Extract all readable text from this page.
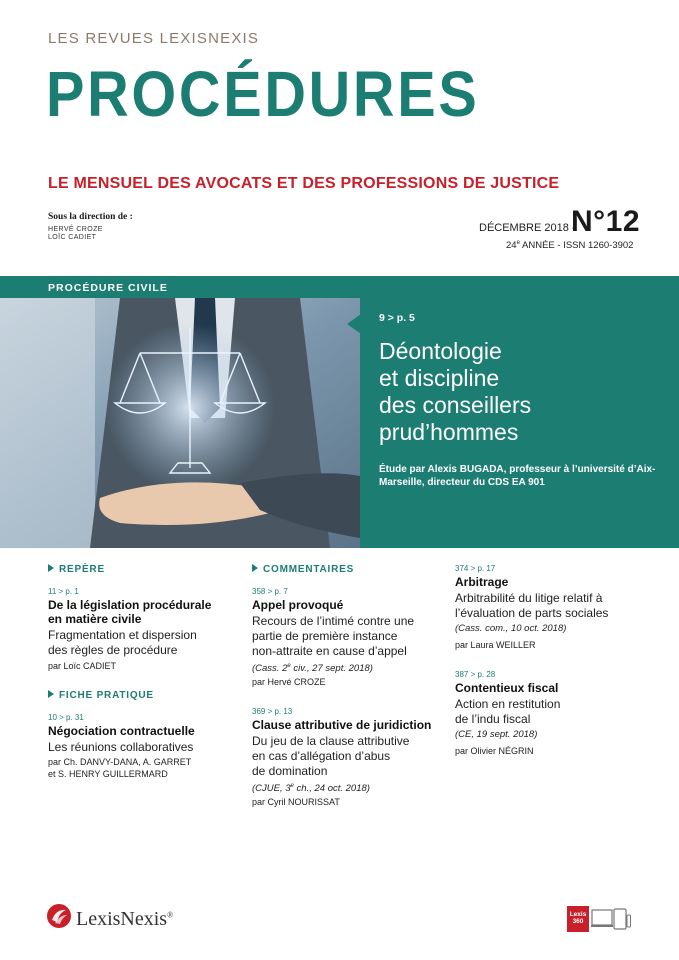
LES REVUES LEXISNEXIS
PROCÉDURES
LE MENSUEL DES AVOCATS ET DES PROFESSIONS DE JUSTICE
Sous la direction de :
HERVÉ CROZE
LOÏC CADIET
DÉCEMBRE 2018 -
N°12
24e ANNÉE - ISSN 1260-3902
PROCÉDURE CIVILE
9 > p. 5
Déontologie
et discipline
des conseillers
prud’hommes
Étude par Alexis BUGADA, professeur à l’université d’Aix-Marseille, directeur du CDS EA 901
REPÈRE
11 > p. 1
De la législation procédurale
en matière civile
Fragmentation et dispersion
des règles de procédure
par Loïc CADIET
FICHE PRATIQUE
10 > p. 31
Négociation contractuelle
Les réunions collaboratives
par Ch. DANVY-DANA, A. GARRET
et S. HENRY GUILLERMARD
COMMENTAIRES
358 > p. 7
Appel provoqué
Recours de l’intimé contre une
partie de première instance
non-attraite en cause d’appel
(Cass. 2e civ., 27 sept. 2018)
par Hervé CROZE
369 > p. 13
Clause attributive de juridiction
Du jeu de la clause attributive
en cas d’allégation d’abus
de domination
(CJUE, 3e ch., 24 oct. 2018)
par Cyril NOURISSAT
374 > p. 17
Arbitrage
Arbitrabilité du litige relatif à
l’évaluation de parts sociales
(Cass. com., 10 oct. 2018)
par Laura WEILLER
387 > p. 28
Contentieux fiscal
Action en restitution
de l’indu fiscal
(CE, 19 sept. 2018)
par Olivier NÉGRIN
LexisNexis®	Lexis
360
